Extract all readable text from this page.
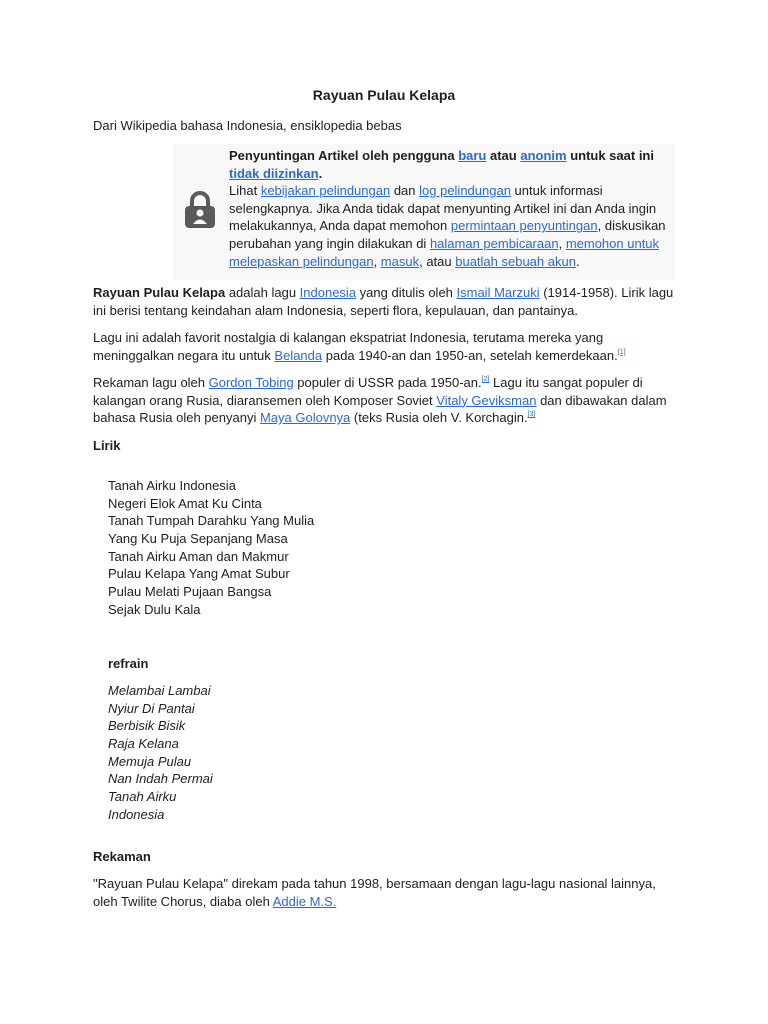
Rayuan Pulau Kelapa
Dari Wikipedia bahasa Indonesia, ensiklopedia bebas
Penyuntingan Artikel oleh pengguna baru atau anonim untuk saat ini tidak diizinkan.
Lihat kebijakan pelindungan dan log pelindungan untuk informasi selengkapnya. Jika Anda tidak dapat menyunting Artikel ini dan Anda ingin melakukannya, Anda dapat memohon permintaan penyuntingan, diskusikan perubahan yang ingin dilakukan di halaman pembicaraan, memohon untuk melepaskan pelindungan, masuk, atau buatlah sebuah akun.

Rayuan Pulau Kelapa adalah lagu Indonesia yang ditulis oleh Ismail Marzuki (1914-1958). Lirik lagu ini berisi tentang keindahan alam Indonesia, seperti flora, kepulauan, dan pantainya.

Lagu ini adalah favorit nostalgia di kalangan ekspatriat Indonesia, terutama mereka yang meninggalkan negara itu untuk Belanda pada 1940-an dan 1950-an, setelah kemerdekaan.[1]

Rekaman lagu oleh Gordon Tobing populer di USSR pada 1950-an.[2] Lagu itu sangat populer di kalangan orang Rusia, diaransemen oleh Komposer Soviet Vitaly Geviksman dan dibawakan dalam bahasa Rusia oleh penyanyi Maya Golovnya (teks Rusia oleh V. Korchagin.[3]

Lirik
Tanah Airku Indonesia
Negeri Elok Amat Ku Cinta
Tanah Tumpah Darahku Yang Mulia
Yang Ku Puja Sepanjang Masa
Tanah Airku Aman dan Makmur
Pulau Kelapa Yang Amat Subur
Pulau Melati Pujaan Bangsa
Sejak Dulu Kala
refrain
Melambai Lambai
Nyiur Di Pantai
Berbisik Bisik
Raja Kelana
Memuja Pulau
Nan Indah Permai
Tanah Airku
Indonesia
Rekaman

"Rayuan Pulau Kelapa" direkam pada tahun 1998, bersamaan dengan lagu-lagu nasional lainnya, oleh Twilite Chorus, diaba oleh Addie M.S.
